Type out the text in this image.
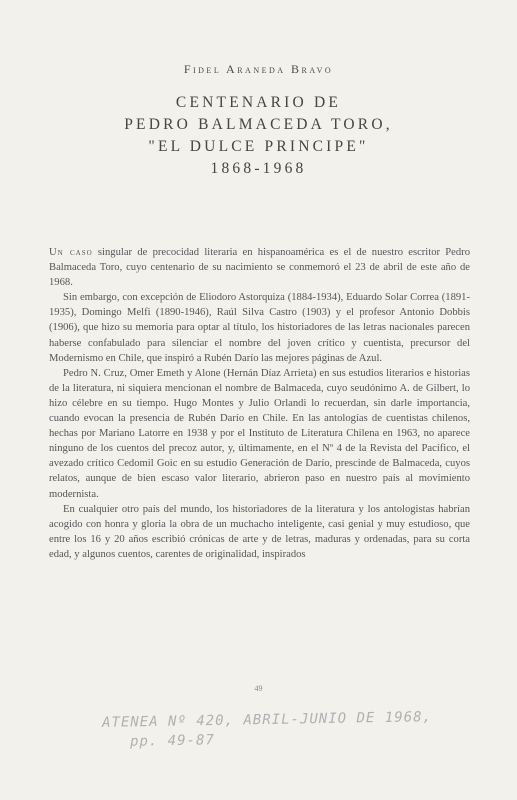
Fidel Araneda Bravo
CENTENARIO DE
PEDRO BALMACEDA TORO,
"EL DULCE PRINCIPE"
1868-1968

Un caso singular de precocidad literaria en hispanoamérica es el de nuestro escritor Pedro Balmaceda Toro, cuyo centenario de su nacimiento se conmemoró el 23 de abril de este año de 1968.

Sin embargo, con excepción de Eliodoro Astorquiza (1884-1934), Eduardo Solar Correa (1891-1935), Domingo Melfi (1890-1946), Raúl Silva Castro (1903) y el profesor Antonio Dobbis (1906), que hizo su memoria para optar al título, los historiadores de las letras nacionales parecen haberse confabulado para silenciar el nombre del joven crítico y cuentista, precursor del Modernismo en Chile, que inspiró a Rubén Darío las mejores páginas de Azul.

Pedro N. Cruz, Omer Emeth y Alone (Hernán Díaz Arrieta) en sus estudios literarios e historias de la literatura, ni siquiera mencionan el nombre de Balmaceda, cuyo seudónimo A. de Gilbert, lo hizo célebre en su tiempo. Hugo Montes y Julio Orlandi lo recuerdan, sin darle importancia, cuando evocan la presencia de Rubén Darío en Chile. En las antologías de cuentistas chilenos, hechas por Mariano Latorre en 1938 y por el Instituto de Literatura Chilena en 1963, no aparece ninguno de los cuentos del precoz autor, y, últimamente, en el Nº 4 de la Revista del Pacífico, el avezado crítico Cedomil Goic en su estudio Generación de Darío, prescinde de Balmaceda, cuyos relatos, aunque de bien escaso valor literario, abrieron paso en nuestro país al movimiento modernista.

En cualquier otro país del mundo, los historiadores de la literatura y los antologistas habrían acogido con honra y gloria la obra de un muchacho inteligente, casi genial y muy estudioso, que entre los 16 y 20 años escribió crónicas de arte y de letras, maduras y ordenadas, para su corta edad, y algunos cuentos, carentes de originalidad, inspirados

49
ATENEA Nº 420, ABRIL-JUNIO DE 1968,
pp. 49-87
